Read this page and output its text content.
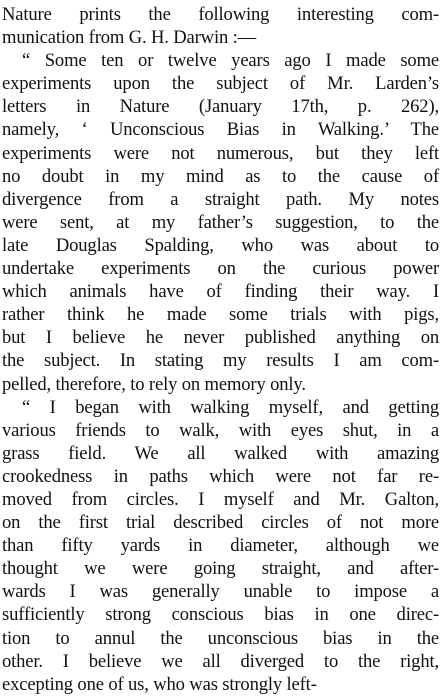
Nature prints the following interesting com-
munication from G. H. Darwin :—
“ Some ten or twelve years ago I made some
experiments upon the subject of Mr. Larden’s
letters in Nature (January 17th, p. 262),
namely, ‘ Unconscious Bias in Walking.’ The
experiments were not numerous, but they left
no doubt in my mind as to the cause of
divergence from a straight path. My notes
were sent, at my father’s suggestion, to the
late Douglas Spalding, who was about to
undertake experiments on the curious power
which animals have of finding their way. I
rather think he made some trials with pigs,
but I believe he never published anything on
the subject. In stating my results I am com-
pelled, therefore, to rely on memory only.
“ I began with walking myself, and getting
various friends to walk, with eyes shut, in a
grass field. We all walked with amazing
crookedness in paths which were not far re-
moved from circles. I myself and Mr. Galton,
on the first trial described circles of not more
than fifty yards in diameter, although we
thought we were going straight, and after-
wards I was generally unable to impose a
sufficiently strong conscious bias in one direc-
tion to annul the unconscious bias in the
other. I believe we all diverged to the right,
excepting one of us, who was strongly left-
